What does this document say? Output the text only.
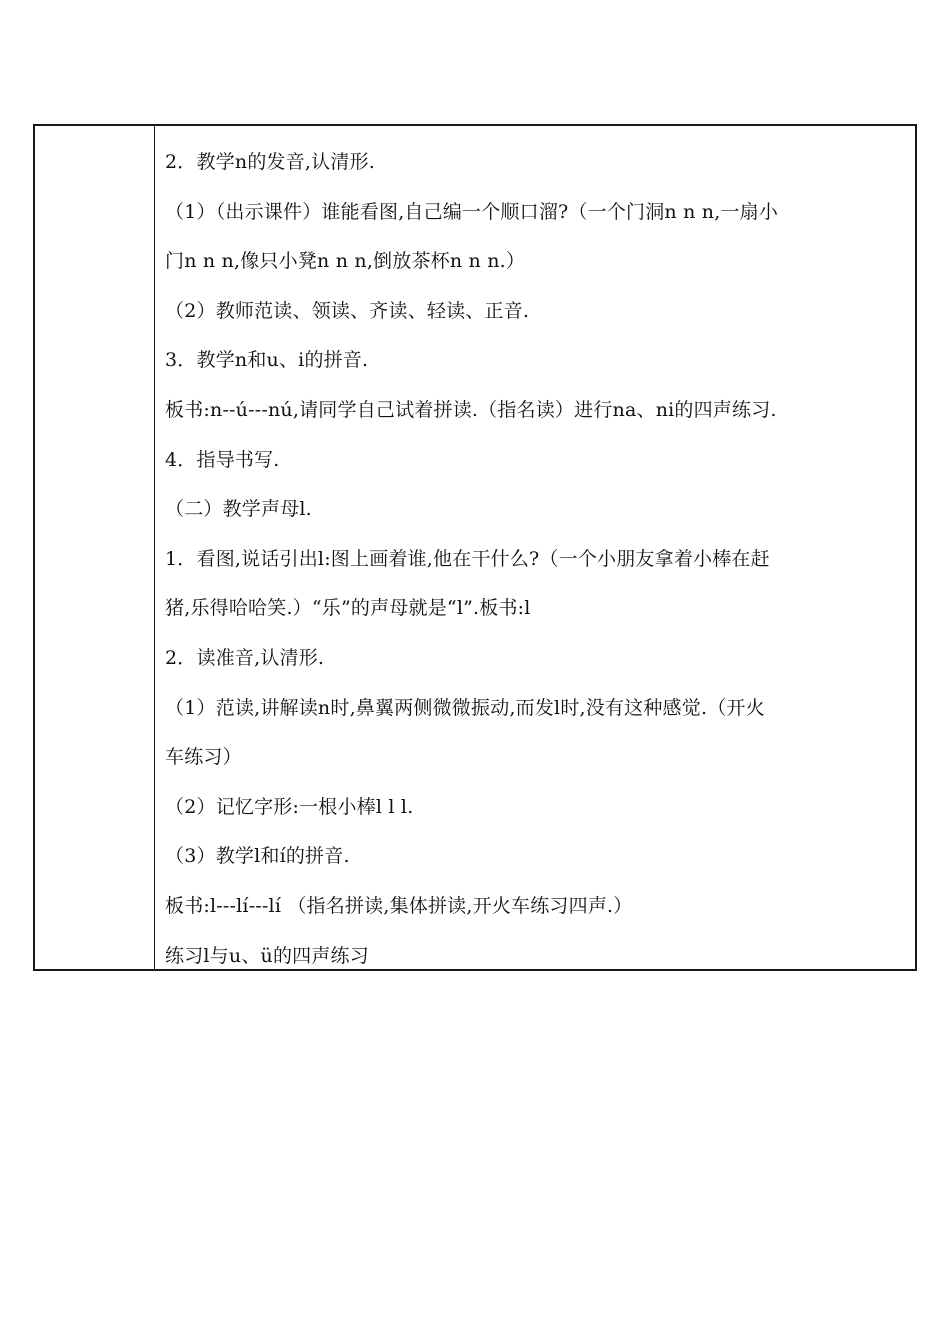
2．教学n的发音,认清形.
（1）（出示课件）谁能看图,自己编一个顺口溜?（一个门洞n n n,一扇小
门n n n,像只小凳n n n,倒放茶杯n n n.）
（2）教师范读、领读、齐读、轻读、正音.
3．教学n和u、i的拼音.
板书:n--ú---nú,请同学自己试着拼读.（指名读）进行na、ni的四声练习.
4．指导书写.
（二）教学声母l.
1．看图,说话引出l:图上画着谁,他在干什么?（一个小朋友拿着小棒在赶
猪,乐得哈哈笑.）“乐”的声母就是“l”.板书:l
2．读准音,认清形.
（1）范读,讲解读n时,鼻翼两侧微微振动,而发l时,没有这种感觉.（开火
车练习）
（2）记忆字形:一根小棒l l l.
（3）教学l和í的拼音.
板书:l---lí---lí （指名拼读,集体拼读,开火车练习四声.）
练习l与u、ü的四声练习
